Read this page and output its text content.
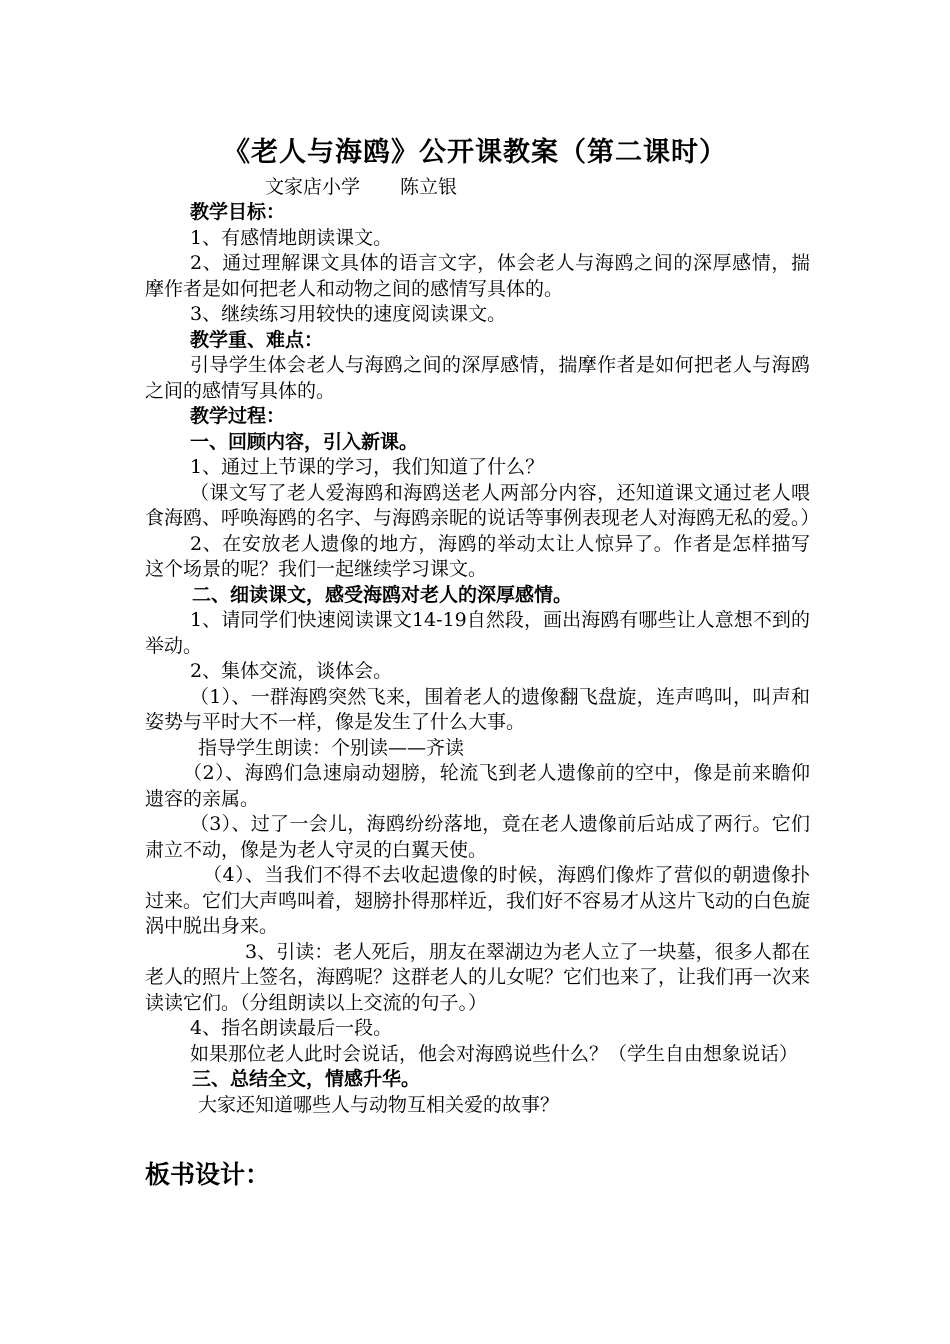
《老人与海鸥》公开课教案（第二课时）
文家店小学 陈立银

教学目标：

1、有感情地朗读课文。

2、通过理解课文具体的语言文字，体会老人与海鸥之间的深厚感情，揣摩作者是如何把老人和动物之间的感情写具体的。

3、继续练习用较快的速度阅读课文。

教学重、难点：

引导学生体会老人与海鸥之间的深厚感情，揣摩作者是如何把老人与海鸥之间的感情写具体的。

教学过程：

一、回顾内容，引入新课。

1、通过上节课的学习，我们知道了什么？

（课文写了老人爱海鸥和海鸥送老人两部分内容，还知道课文通过老人喂食海鸥、呼唤海鸥的名字、与海鸥亲昵的说话等事例表现老人对海鸥无私的爱。）

2、在安放老人遗像的地方，海鸥的举动太让人惊异了。作者是怎样描写这个场景的呢？我们一起继续学习课文。

二、细读课文，感受海鸥对老人的深厚感情。

1、请同学们快速阅读课文14-19自然段，画出海鸥有哪些让人意想不到的举动。

2、集体交流，谈体会。

（1）、一群海鸥突然飞来，围着老人的遗像翻飞盘旋，连声鸣叫，叫声和姿势与平时大不一样，像是发生了什么大事。

指导学生朗读：个别读——齐读

（2）、海鸥们急速扇动翅膀，轮流飞到老人遗像前的空中，像是前来瞻仰遗容的亲属。

（3）、过了一会儿，海鸥纷纷落地，竟在老人遗像前后站成了两行。它们肃立不动，像是为老人守灵的白翼天使。

（4）、当我们不得不去收起遗像的时候，海鸥们像炸了营似的朝遗像扑过来。它们大声鸣叫着，翅膀扑得那样近，我们好不容易才从这片飞动的白色旋涡中脱出身来。

3、引读：老人死后，朋友在翠湖边为老人立了一块墓，很多人都在老人的照片上签名，海鸥呢？这群老人的儿女呢？它们也来了，让我们再一次来读读它们。（分组朗读以上交流的句子。）

4、指名朗读最后一段。

如果那位老人此时会说话，他会对海鸥说些什么？（学生自由想象说话）

三、总结全文，情感升华。

大家还知道哪些人与动物互相关爱的故事？

板书设计：
